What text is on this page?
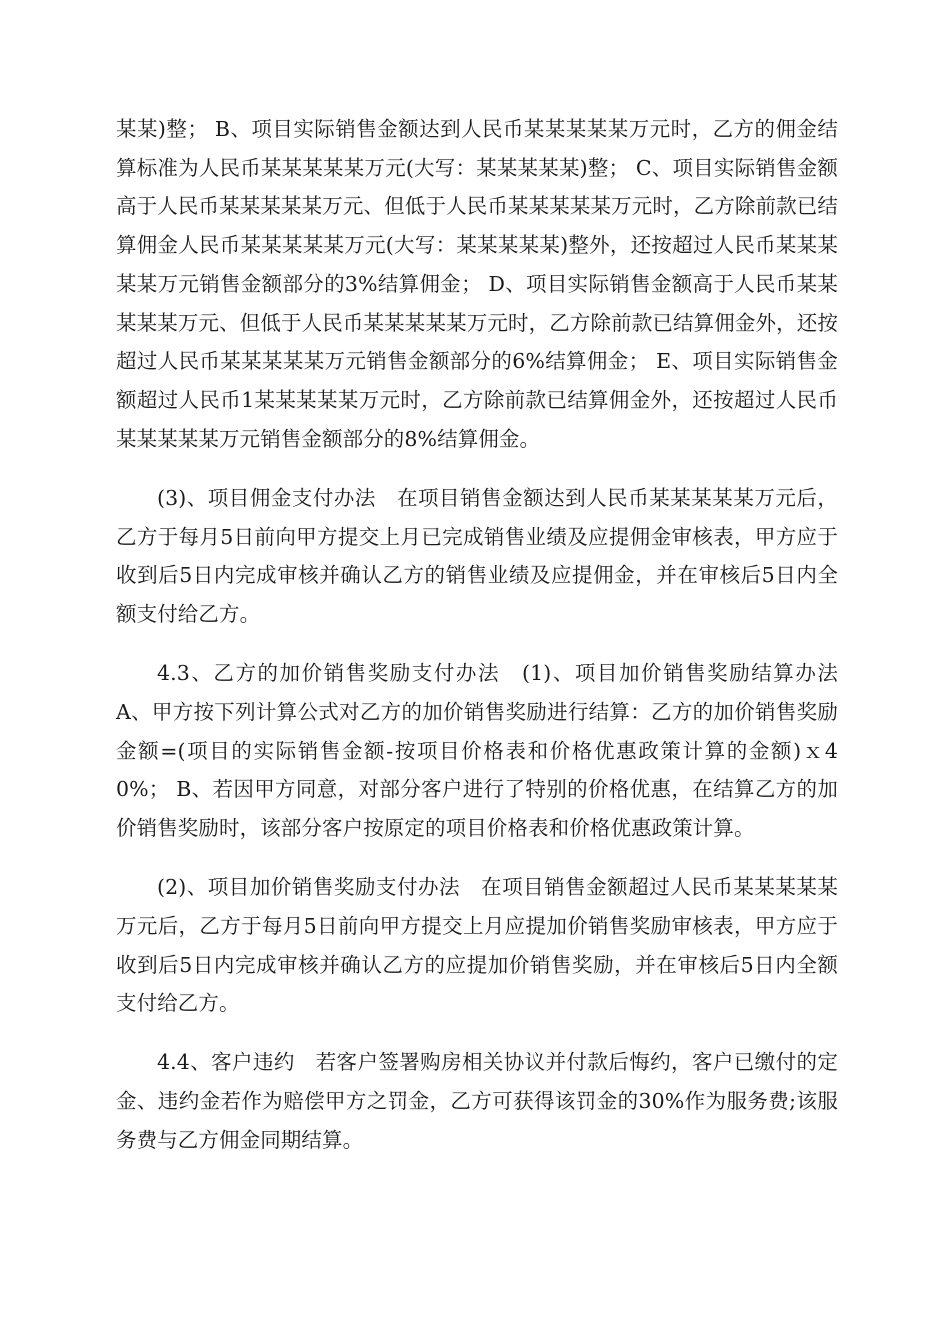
某某)整； B、项目实际销售金额达到人民币某某某某某万元时，乙方的佣金结算标准为人民币某某某某某万元(大写：某某某某某)整； C、项目实际销售金额高于人民币某某某某某万元、但低于人民币某某某某某万元时，乙方除前款已结算佣金人民币某某某某某万元(大写：某某某某某)整外，还按超过人民币某某某某某万元销售金额部分的3%结算佣金； D、项目实际销售金额高于人民币某某某某某万元、但低于人民币某某某某某万元时，乙方除前款已结算佣金外，还按超过人民币某某某某某万元销售金额部分的6%结算佣金； E、项目实际销售金额超过人民币1某某某某某万元时，乙方除前款已结算佣金外，还按超过人民币某某某某某万元销售金额部分的8%结算佣金。

(3)、项目佣金支付办法　在项目销售金额达到人民币某某某某某万元后，乙方于每月5日前向甲方提交上月已完成销售业绩及应提佣金审核表，甲方应于收到后5日内完成审核并确认乙方的销售业绩及应提佣金，并在审核后5日内全额支付给乙方。

4.3、乙方的加价销售奖励支付办法　(1)、项目加价销售奖励结算办法　A、甲方按下列计算公式对乙方的加价销售奖励进行结算：乙方的加价销售奖励金额=(项目的实际销售金额-按项目价格表和价格优惠政策计算的金额)ｘ40%； B、若因甲方同意，对部分客户进行了特别的价格优惠，在结算乙方的加价销售奖励时，该部分客户按原定的项目价格表和价格优惠政策计算。

(2)、项目加价销售奖励支付办法　在项目销售金额超过人民币某某某某某万元后，乙方于每月5日前向甲方提交上月应提加价销售奖励审核表，甲方应于收到后5日内完成审核并确认乙方的应提加价销售奖励，并在审核后5日内全额支付给乙方。

4.4、客户违约　若客户签署购房相关协议并付款后悔约，客户已缴付的定金、违约金若作为赔偿甲方之罚金，乙方可获得该罚金的30%作为服务费;该服务费与乙方佣金同期结算。
